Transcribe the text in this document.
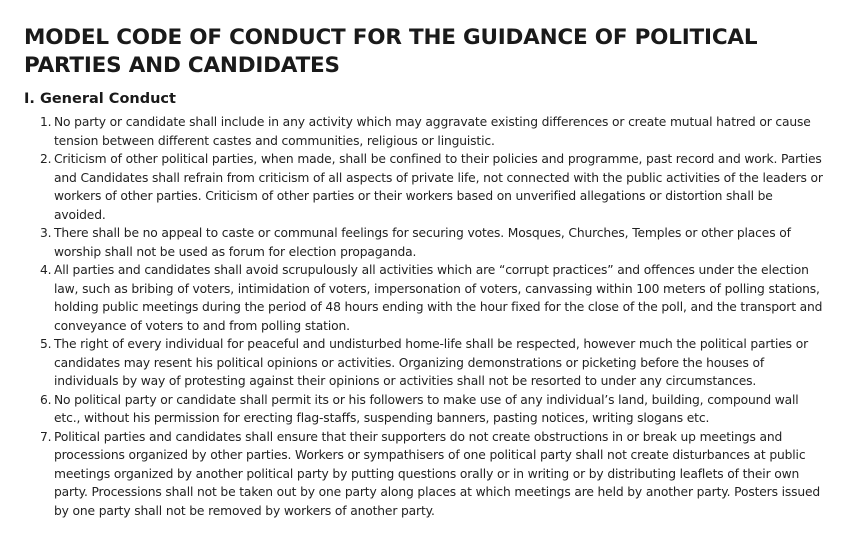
MODEL CODE OF CONDUCT FOR THE GUIDANCE OF POLITICAL PARTIES AND CANDIDATES
I. General Conduct
1. No party or candidate shall include in any activity which may aggravate existing differences or create mutual hatred or cause tension between different castes and communities, religious or linguistic.
2. Criticism of other political parties, when made, shall be confined to their policies and programme, past record and work. Parties and Candidates shall refrain from criticism of all aspects of private life, not connected with the public activities of the leaders or workers of other parties. Criticism of other parties or their workers based on unverified allegations or distortion shall be avoided.
3. There shall be no appeal to caste or communal feelings for securing votes. Mosques, Churches, Temples or other places of worship shall not be used as forum for election propaganda.
4. All parties and candidates shall avoid scrupulously all activities which are “corrupt practices” and offences under the election law, such as bribing of voters, intimidation of voters, impersonation of voters, canvassing within 100 meters of polling stations, holding public meetings during the period of 48 hours ending with the hour fixed for the close of the poll, and the transport and conveyance of voters to and from polling station.
5. The right of every individual for peaceful and undisturbed home-life shall be respected, however much the political parties or candidates may resent his political opinions or activities. Organizing demonstrations or picketing before the houses of individuals by way of protesting against their opinions or activities shall not be resorted to under any circumstances.
6. No political party or candidate shall permit its or his followers to make use of any individual’s land, building, compound wall etc., without his permission for erecting flag-staffs, suspending banners, pasting notices, writing slogans etc.
7. Political parties and candidates shall ensure that their supporters do not create obstructions in or break up meetings and processions organized by other parties. Workers or sympathisers of one political party shall not create disturbances at public meetings organized by another political party by putting questions orally or in writing or by distributing leaflets of their own party. Processions shall not be taken out by one party along places at which meetings are held by another party. Posters issued by one party shall not be removed by workers of another party.
